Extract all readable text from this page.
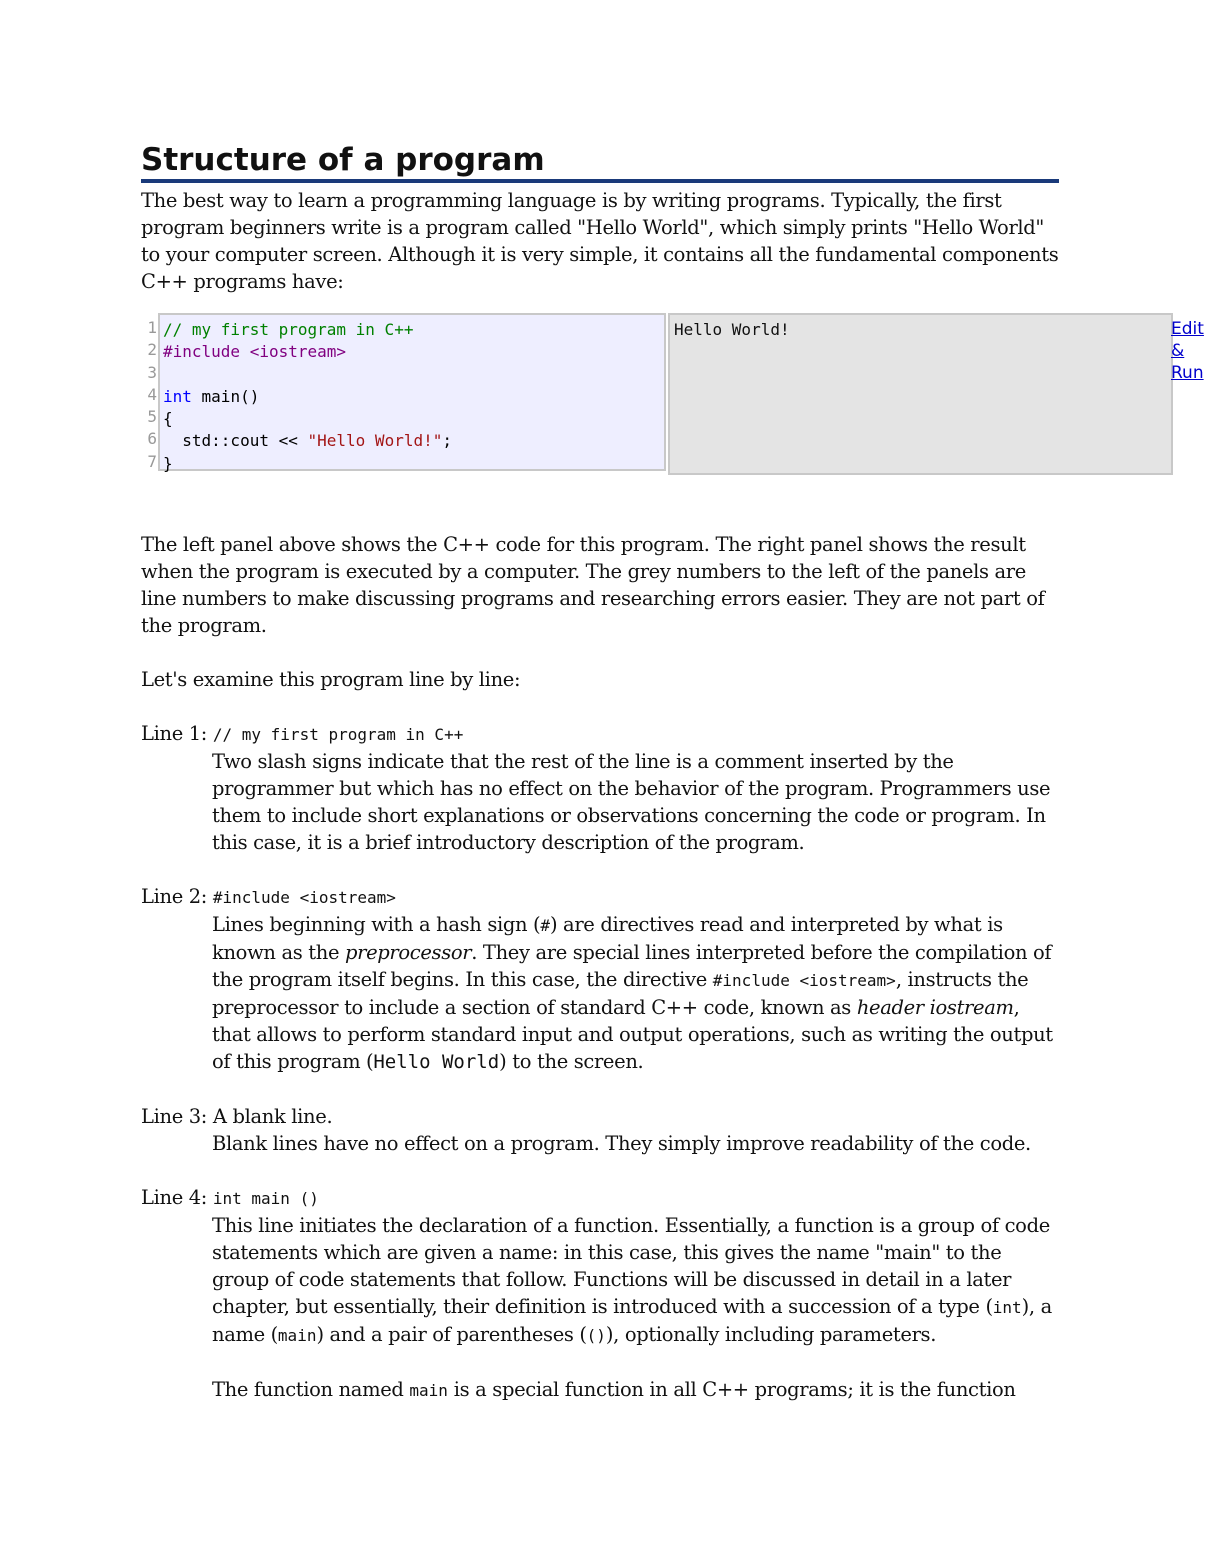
Structure of a program

The best way to learn a programming language is by writing programs. Typically, the first program beginners write is a program called "Hello World", which simply prints "Hello World" to your computer screen. Although it is very simple, it contains all the fundamental components C++ programs have:

1
2
3
4
5
6
7
// my first program in C++
#include <iostream>

int main()
{
std::cout << "Hello World!";
}
Hello World!	Edit
&
Run

The left panel above shows the C++ code for this program. The right panel shows the result when the program is executed by a computer. The grey numbers to the left of the panels are line numbers to make discussing programs and researching errors easier. They are not part of the program.

Let's examine this program line by line:

Line 1: // my first program in C++

Two slash signs indicate that the rest of the line is a comment inserted by the programmer but which has no effect on the behavior of the program. Programmers use them to include short explanations or observations concerning the code or program. In this case, it is a brief introductory description of the program.

Line 2: #include <iostream>

Lines beginning with a hash sign (#) are directives read and interpreted by what is known as the preprocessor. They are special lines interpreted before the compilation of the program itself begins. In this case, the directive #include <iostream>, instructs the preprocessor to include a section of standard C++ code, known as header iostream, that allows to perform standard input and output operations, such as writing the output of this program (Hello World) to the screen.

Line 3: A blank line.

Blank lines have no effect on a program. They simply improve readability of the code.

Line 4: int main ()

This line initiates the declaration of a function. Essentially, a function is a group of code statements which are given a name: in this case, this gives the name "main" to the group of code statements that follow. Functions will be discussed in detail in a later chapter, but essentially, their definition is introduced with a succession of a type (int), a name (main) and a pair of parentheses (()), optionally including parameters.

The function named main is a special function in all C++ programs; it is the function
